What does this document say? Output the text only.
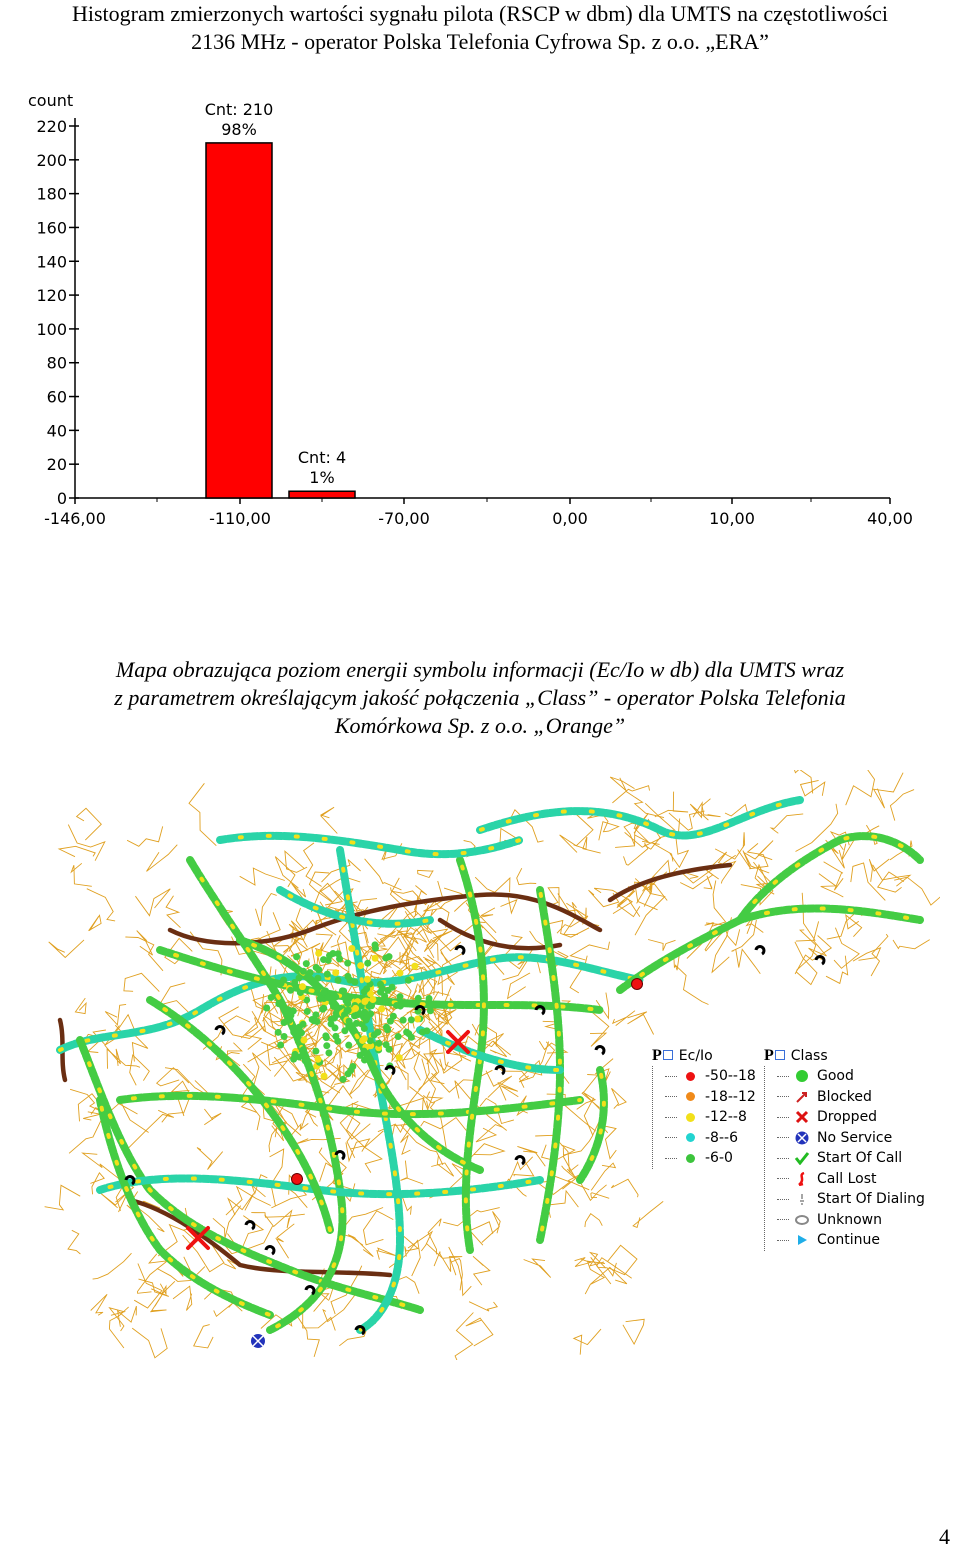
Histogram zmierzonych wartości sygnału pilota (RSCP w dbm) dla UMTS na częstotliwości
2136 MHz - operator Polska Telefonia Cyfrowa Sp. z o.o. „ERA”
count
0
20
40
60
80
100
120
140
160
180
200
220
-146,00	-110,00	-70,00	0,00	10,00	40,00
Cnt: 210
98%
Cnt: 4
1%
Mapa obrazująca poziom energii symbolu informacji (Ec/Io w db) dla UMTS wraz
z parametrem określającym jakość połączenia „Class” - operator Polska Telefonia
Komórkowa Sp. z o.o. „Orange”
P	Ec/Io
-50--18
-18--12
-12--8
-8--6
-6-0
P	Class
Good
Blocked
Dropped
No Service
Start Of Call
Call Lost
Start Of Dialing
Unknown
Continue
4
